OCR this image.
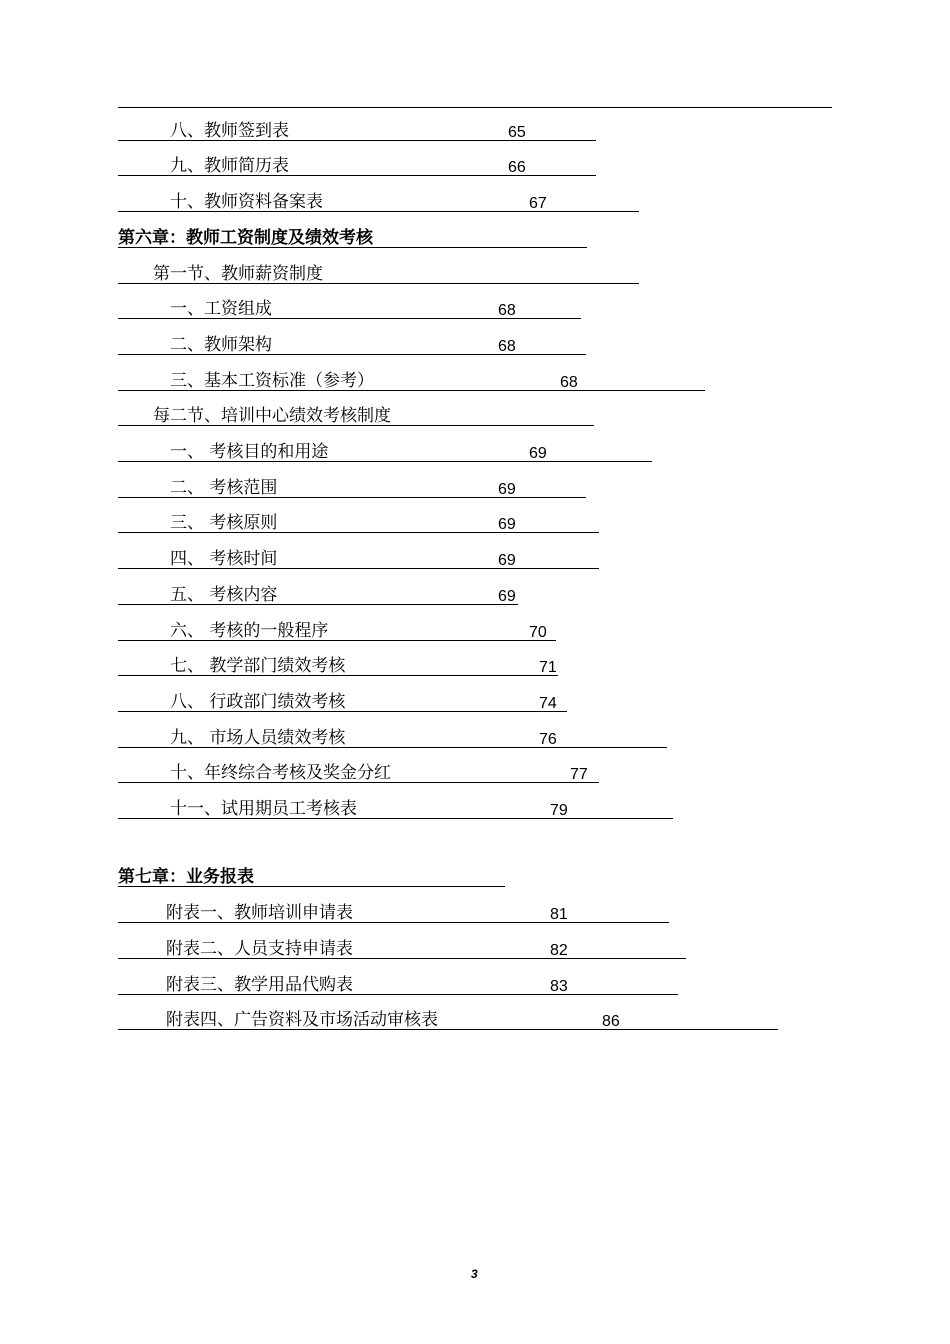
八、教师签到表	65
九、教师简历表	66
十、教师资料备案表	67
第六章：教师工资制度及绩效考核
第一节、教师薪资制度
一、工资组成	68
二、教师架构	68
三、基本工资标准（参考）	68
每二节、培训中心绩效考核制度
一、 考核目的和用途	69
二、 考核范围	69
三、 考核原则	69
四、 考核时间	69
五、 考核内容	69
六、 考核的一般程序	70
七、 教学部门绩效考核	71
八、 行政部门绩效考核	74
九、 市场人员绩效考核	76
十、年终综合考核及奖金分红	77
十一、试用期员工考核表	79
第七章：业务报表
附表一、教师培训申请表	81
附表二、人员支持申请表	82
附表三、教学用品代购表	83
附表四、广告资料及市场活动审核表	86
3
